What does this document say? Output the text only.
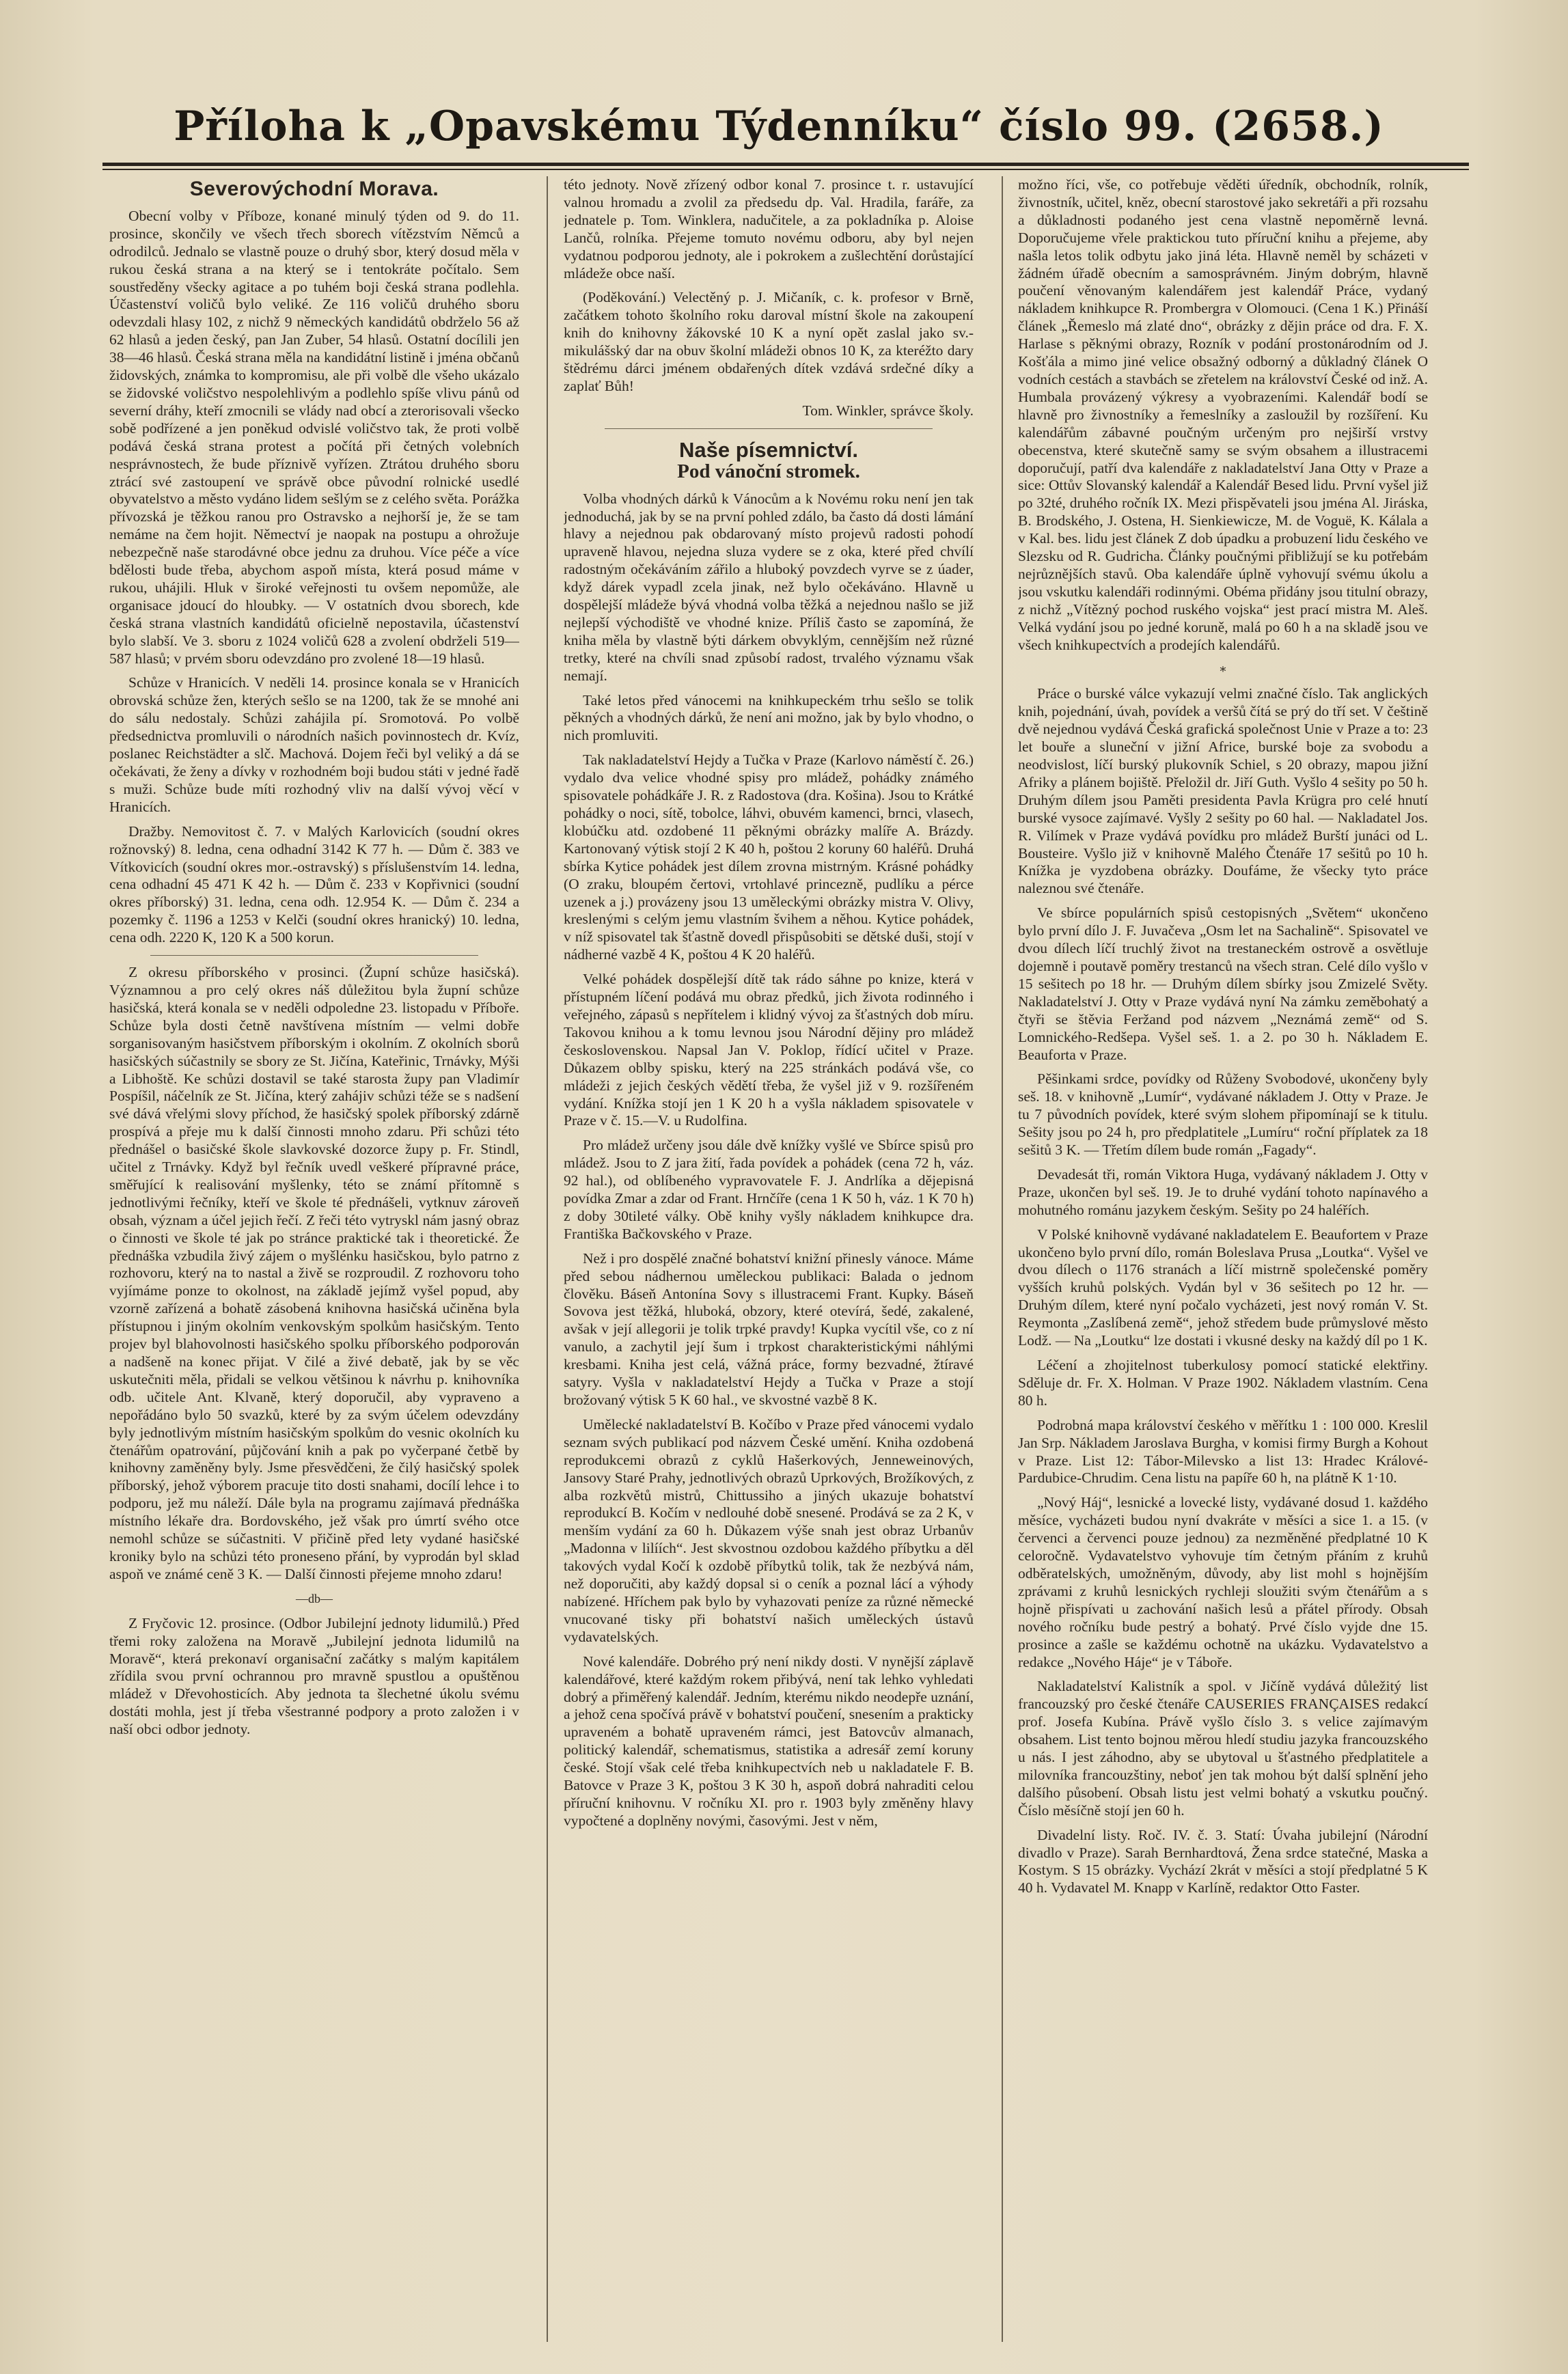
Příloha k „Opavskému Týdenníku“ číslo 99. (2658.)
Severovýchodní Morava.

Obecní volby v Příboze, konané minulý týden od 9. do 11. prosince, skončily ve všech třech sborech vítězstvím Němců a odrodilců. Jednalo se vlastně pouze o druhý sbor, který dosud měla v rukou česká strana a na který se i tentokráte počítalo. Sem soustředěny všecky agitace a po tuhém boji česká strana podlehla. Účastenství voličů bylo veliké. Ze 116 voličů druhého sboru odevzdali hlasy 102, z nichž 9 německých kandidátů obdrželo 56 až 62 hlasů a jeden český, pan Jan Zuber, 54 hlasů. Ostatní docílili jen 38—46 hlasů. Česká strana měla na kandidátní listině i jména občanů židovských, známka to kompromisu, ale při volbě dle všeho ukázalo se židovské voličstvo nespolehlivým a podlehlo spíše vlivu pánů od severní dráhy, kteří zmocnili se vlády nad obcí a zterorisovali všecko sobě podřízené a jen poněkud odvislé voličstvo tak, že proti volbě podává česká strana protest a počítá při četných volebních nesprávnostech, že bude příznivě vyřízen. Ztrátou druhého sboru ztrácí své zastoupení ve správě obce původní rolnické usedlé obyvatelstvo a město vydáno lidem sešlým se z celého světa. Porážka přívozská je těžkou ranou pro Ostravsko a nejhorší je, že se tam nemáme na čem hojit. Němectví je naopak na postupu a ohrožuje nebezpečně naše starodávné obce jednu za druhou. Více péče a více bdělosti bude třeba, abychom aspoň místa, která posud máme v rukou, uhájili. Hluk v široké veřejnosti tu ovšem nepomůže, ale organisace jdoucí do hloubky. — V ostatních dvou sborech, kde česká strana vlastních kandidátů oficielně nepostavila, účastenství bylo slabší. Ve 3. sboru z 1024 voličů 628 a zvolení obdrželi 519—587 hlasů; v prvém sboru odevzdáno pro zvolené 18—19 hlasů.

Schůze v Hranicích. V neděli 14. prosince konala se v Hranicích obrovská schůze žen, kterých sešlo se na 1200, tak že se mnohé ani do sálu nedostaly. Schůzi zahájila pí. Sromotová. Po volbě předsednictva promluvili o národních našich povinnostech dr. Kvíz, poslanec Reichstädter a slč. Machová. Dojem řeči byl veliký a dá se očekávati, že ženy a dívky v rozhodném boji budou státi v jedné řadě s muži. Schůze bude míti rozhodný vliv na další vývoj věcí v Hranicích.

Dražby. Nemovitost č. 7. v Malých Karlovicích (soudní okres rožnovský) 8. ledna, cena odhadní 3142 K 77 h. — Dům č. 383 ve Vítkovicích (soudní okres mor.-ostravský) s příslušenstvím 14. ledna, cena odhadní 45 471 K 42 h. — Dům č. 233 v Kopřivnici (soudní okres příborský) 31. ledna, cena odh. 12.954 K. — Dům č. 234 a pozemky č. 1196 a 1253 v Kelči (soudní okres hranický) 10. ledna, cena odh. 2220 K, 120 K a 500 korun.

Z okresu příborského v prosinci. (Župní schůze hasičská). Významnou a pro celý okres náš důležitou byla župní schůze hasičská, která konala se v neděli odpoledne 23. listopadu v Příboře. Schůze byla dosti četně navštívena místním — velmi dobře sorganisovaným hasičstvem příborským i okolním. Z okolních sborů hasičských súčastnily se sbory ze St. Jičína, Kateřinic, Trnávky, Mýši a Libhoště. Ke schůzi dostavil se také starosta župy pan Vladimír Pospíšil, náčelník ze St. Jičína, který zahájiv schůzi téže se s nadšení své dává vřelými slovy příchod, že hasičský spolek příborský zdárně prospívá a přeje mu k další činnosti mnoho zdaru. Při schůzi této přednášel o basičské škole slavkovské dozorce župy p. Fr. Stindl, učitel z Trnávky. Když byl řečník uvedl veškeré přípravné práce, směřující k realisování myšlenky, této se známí přítomně s jednotlivými řečníky, kteří ve škole té přednášeli, vytknuv zároveň obsah, význam a účel jejich řečí. Z řeči této vytryskl nám jasný obraz o činnosti ve škole té jak po stránce praktické tak i theoretické. Že přednáška vzbudila živý zájem o myšlénku hasičskou, bylo patrno z rozhovoru, který na to nastal a živě se rozproudil. Z rozhovoru toho vyjímáme ponze to okolnost, na základě jejímž vyšel popud, aby vzorně zařízená a bohatě zásobená knihovna hasičská učiněna byla přístupnou i jiným okolním venkovským spolkům hasičským. Tento projev byl blahovolnosti hasičského spolku příborského podporován a nadšeně na konec přijat. V čilé a živé debatě, jak by se věc uskutečniti měla, přidali se velkou většinou k návrhu p. knihovníka odb. učitele Ant. Klvaně, který doporučil, aby vypraveno a nepořádáno bylo 50 svazků, které by za svým účelem odevzdány byly jednotlivým místním hasičským spolkům do vesnic okolních ku čtenářům opatrování, půjčování knih a pak po vyčerpané četbě by knihovny zaměněny byly. Jsme přesvědčeni, že čilý hasičský spolek příborský, jehož výborem pracuje tito dosti snahami, docílí lehce i to podporu, jež mu náleží. Dále byla na programu zajímavá přednáška místního lékaře dra. Bordovského, jež však pro úmrtí svého otce nemohl schůze se súčastniti. V přičině před lety vydané hasičské kroniky bylo na schůzi této proneseno přání, by vyprodán byl sklad aspoň ve známé ceně 3 K. — Další činnosti přejeme mnoho zdaru!

—db—

Z Fryčovic 12. prosince. (Odbor Jubilejní jednoty lidumilů.) Před třemi roky založena na Moravě „Jubilejní jednota lidumilů na Moravě“, která prekonaví organisační začátky s malým kapitálem zřídila svou první ochrannou pro mravně spustlou a opuštěnou mládež v Dřevohosticích. Aby jednota ta šlechetné úkolu svému dostáti mohla, jest jí třeba všestranné podpory a proto založen i v naší obci odbor jednoty.

této jednoty. Nově zřízený odbor konal 7. prosince t. r. ustavující valnou hromadu a zvolil za předsedu dp. Val. Hradila, faráře, za jednatele p. Tom. Winklera, nadučitele, a za pokladníka p. Aloise Lančů, rolníka. Přejeme tomuto novému odboru, aby byl nejen vydatnou podporou jednoty, ale i pokrokem a zušlechtění dorůstající mládeže obce naší.

(Poděkování.) Velectěný p. J. Mičaník, c. k. profesor v Brně, začátkem tohoto školního roku daroval místní škole na zakoupení knih do knihovny žákovské 10 K a nyní opět zaslal jako sv.-mikulášský dar na obuv školní mládeži obnos 10 K, za kteréžto dary štědrému dárci jménem obdařených dítek vzdává srdečné díky a zaplať Bůh!

Tom. Winkler, správce školy.

Naše písemnictví.
Pod vánoční stromek.

Volba vhodných dárků k Vánocům a k Novému roku není jen tak jednoduchá, jak by se na první pohled zdálo, ba často dá dosti lámání hlavy a nejednou pak obdarovaný místo projevů radosti pohodí upraveně hlavou, nejedna sluza vydere se z oka, které před chvílí radostným očekáváním zářilo a hluboký povzdech vyrve se z úader, když dárek vypadl zcela jinak, než bylo očekáváno. Hlavně u dospělejší mládeže bývá vhodná volba těžká a nejednou našlo se již nejlepší východiště ve vhodné knize. Příliš často se zapomíná, že kniha měla by vlastně býti dárkem obvyklým, cennějším než různé tretky, které na chvíli snad způsobí radost, trvalého významu však nemají.

Také letos před vánocemi na knihkupeckém trhu sešlo se tolik pěkných a vhodných dárků, že není ani možno, jak by bylo vhodno, o nich promluviti.

Tak nakladatelství Hejdy a Tučka v Praze (Karlovo náměstí č. 26.) vydalo dva velice vhodné spisy pro mládež, pohádky známého spisovatele pohádkáře J. R. z Radostova (dra. Košina). Jsou to Krátké pohádky o noci, sítě, tobolce, láhvi, obuvém kamenci, brnci, vlasech, klobúčku atd. ozdobené 11 pěknými obrázky malíře A. Brázdy. Kartonovaný výtisk stojí 2 K 40 h, poštou 2 koruny 60 haléřů. Druhá sbírka Kytice pohádek jest dílem zrovna mistrným. Krásné pohádky (O zraku, bloupém čertovi, vrtohlavé princezně, pudlíku a pérce uzenek a j.) provázeny jsou 13 uměleckými obrázky mistra V. Olivy, kreslenými s celým jemu vlastním švihem a něhou. Kytice pohádek, v níž spisovatel tak šťastně dovedl přispůsobiti se dětské duši, stojí v nádherné vazbě 4 K, poštou 4 K 20 haléřů.

Velké pohádek dospělejší dítě tak rádo sáhne po knize, která v přístupném líčení podává mu obraz předků, jich života rodinného i veřejného, zápasů s nepřítelem i klidný vývoj za šťastných dob míru. Takovou knihou a k tomu levnou jsou Národní dějiny pro mládež československou. Napsal Jan V. Poklop, řídící učitel v Praze. Důkazem oblby spisku, který na 225 stránkách podává vše, co mládeži z jejich českých vědětí třeba, že vyšel již v 9. rozšířeném vydání. Knížka stojí jen 1 K 20 h a vyšla nákladem spisovatele v Praze v č. 15.—V. u Rudolfina.

Pro mládež určeny jsou dále dvě knížky vyšlé ve Sbírce spisů pro mládež. Jsou to Z jara žití, řada povídek a pohádek (cena 72 h, váz. 92 hal.), od oblíbeného vypravovatele F. J. Andrlíka a dějepisná povídka Zmar a zdar od Frant. Hrnčíře (cena 1 K 50 h, váz. 1 K 70 h) z doby 30tileté války. Obě knihy vyšly nákladem knihkupce dra. Františka Bačkovského v Praze.

Než i pro dospělé značné bohatství knižní přinesly vánoce. Máme před sebou nádhernou uměleckou publikaci: Balada o jednom člověku. Báseň Antonína Sovy s illustracemi Frant. Kupky. Báseň Sovova jest těžká, hluboká, obzory, které otevírá, šedé, zakalené, avšak v její allegorii je tolik trpké pravdy! Kupka vycítil vše, co z ní vanulo, a zachytil její šum i trpkost charakteristickými náhlými kresbami. Kniha jest celá, vážná práce, formy bezvadné, žtíravé satyry. Vyšla v nakladatelství Hejdy a Tučka v Praze a stojí brožovaný výtisk 5 K 60 hal., ve skvostné vazbě 8 K.

Umělecké nakladatelství B. Kočíbo v Praze před vánocemi vydalo seznam svých publikací pod názvem České umění. Kniha ozdobená reprodukcemi obrazů z cyklů Hašerkových, Jenneweinových, Jansovy Staré Prahy, jednotlivých obrazů Uprkových, Brožíkových, z alba rozkvětů mistrů, Chittussiho a jiných ukazuje bohatství reprodukcí B. Kočím v nedlouhé době snesené. Prodává se za 2 K, v menším vydání za 60 h. Důkazem výše snah jest obraz Urbanův „Madonna v lilíích“. Jest skvostnou ozdobou každého příbytku a děl takových vydal Kočí k ozdobě příbytků tolik, tak že nezbývá nám, než doporučiti, aby každý dopsal si o ceník a poznal lácí a výhody nabízené. Hříchem pak bylo by vyhazovati peníze za různé německé vnucované tisky při bohatství našich uměleckých ústavů vydavatelských.

Nové kalendáře. Dobrého prý není nikdy dosti. V nynější záplavě kalendářové, které každým rokem přibývá, není tak lehko vyhledati dobrý a přiměřený kalendář. Jedním, kterému nikdo neodepře uznání, a jehož cena spočívá právě v bohatství poučení, snesením a prakticky upraveném a bohatě upraveném rámci, jest Batovcův almanach, politický kalendář, schematismus, statistika a adresář zemí koruny české. Stojí však celé třeba knihkupectvích neb u nakladatele F. B. Batovce v Praze 3 K, poštou 3 K 30 h, aspoň dobrá nahraditi celou příruční knihovnu. V ročníku XI. pro r. 1903 byly změněny hlavy vypočtené a doplněny novými, časovými. Jest v něm,

možno říci, vše, co potřebuje věděti úředník, obchodník, rolník, živnostník, učitel, kněz, obecní starostové jako sekretáři a při rozsahu a důkladnosti podaného jest cena vlastně nepoměrně levná. Doporučujeme vřele praktickou tuto příruční knihu a přejeme, aby našla letos tolik odbytu jako jiná léta. Hlavně neměl by scházeti v žádném úřadě obecním a samosprávném. Jiným dobrým, hlavně poučení věnovaným kalendářem jest kalendář Práce, vydaný nákladem knihkupce R. Prombergra v Olomouci. (Cena 1 K.) Přináší článek „Řemeslo má zlaté dno“, obrázky z dějin práce od dra. F. X. Harlase s pěknými obrazy, Rozník v podání prostonárodním od J. Košťála a mimo jiné velice obsažný odborný a důkladný článek O vodních cestách a stavbách se zřetelem na království České od inž. A. Humbala provázený výkresy a vyobrazeními. Kalendář bodí se hlavně pro živnostníky a řemeslníky a zasloužil by rozšíření. Ku kalendářům zábavné poučným určeným pro nejširší vrstvy obecenstva, které skutečně samy se svým obsahem a illustracemi doporučují, patří dva kalendáře z nakladatelství Jana Otty v Praze a sice: Ottův Slovanský kalendář a Kalendář Besed lidu. První vyšel již po 32té, druhého ročník IX. Mezi přispěvateli jsou jména Al. Jiráska, B. Brodského, J. Ostena, H. Sienkiewicze, M. de Voguë, K. Kálala a v Kal. bes. lidu jest článek Z dob úpadku a probuzení lidu českého ve Slezsku od R. Gudricha. Články poučnými přibližují se ku potřebám nejrůznějších stavů. Oba kalendáře úplně vyhovují svému úkolu a jsou vskutku kalendáři rodinnými. Obéma přidány jsou titulní obrazy, z nichž „Vítězný pochod ruského vojska“ jest prací mistra M. Aleš. Velká vydání jsou po jedné koruně, malá po 60 h a na skladě jsou ve všech knihkupectvích a prodejích kalendářů.

∗

Práce o burské válce vykazují velmi značné číslo. Tak anglických knih, pojednání, úvah, povídek a veršů čítá se prý do tří set. V češtině dvě nejednou vydává Česká grafická společnost Unie v Praze a to: 23 let bouře a sluneční v jižní Africe, burské boje za svobodu a neodvislost, líčí burský plukovník Schiel, s 20 obrazy, mapou jižní Afriky a plánem bojiště. Přeložil dr. Jiří Guth. Vyšlo 4 sešity po 50 h. Druhým dílem jsou Paměti presidenta Pavla Krügra pro celé hnutí burské vysoce zajímavé. Vyšly 2 sešity po 60 hal. — Nakladatel Jos. R. Vilímek v Praze vydává povídku pro mládež Burští junáci od L. Bousteire. Vyšlo již v knihovně Malého Čtenáře 17 sešitů po 10 h. Knížka je vyzdobena obrázky. Doufáme, že všecky tyto práce naleznou své čtenáře.

Ve sbírce populárních spisů cestopisných „Světem“ ukončeno bylo první dílo J. F. Juvačeva „Osm let na Sachalině“. Spisovatel ve dvou dílech líčí truchlý život na trestaneckém ostrově a osvětluje dojemně i poutavě poměry trestanců na všech stran. Celé dílo vyšlo v 15 sešitech po 18 hr. — Druhým dílem sbírky jsou Zmizelé Světy. Nakladatelství J. Otty v Praze vydává nyní Na zámku zeměbohatý a čtyři se štěvia Feržand pod názvem „Neznámá země“ od S. Lomnického-Redšepa. Vyšel seš. 1. a 2. po 30 h. Nákladem E. Beauforta v Praze.

Pěšinkami srdce, povídky od Růženy Svobodové, ukončeny byly seš. 18. v knihovně „Lumír“, vydávané nákladem J. Otty v Praze. Je tu 7 původních povídek, které svým slohem připomínají se k titulu. Sešity jsou po 24 h, pro předplatitele „Lumíru“ roční příplatek za 18 sešitů 3 K. — Třetím dílem bude román „Fagady“.

Devadesát tři, román Viktora Huga, vydávaný nákladem J. Otty v Praze, ukončen byl seš. 19. Je to druhé vydání tohoto napínavého a mohutného románu jazykem českým. Sešity po 24 haléřích.

V Polské knihovně vydávané nakladatelem E. Beaufortem v Praze ukončeno bylo první dílo, román Boleslava Prusa „Loutka“. Vyšel ve dvou dílech o 1176 stranách a líčí mistrně společenské poměry vyšších kruhů polských. Vydán byl v 36 sešitech po 12 hr. — Druhým dílem, které nyní počalo vycházeti, jest nový román V. St. Reymonta „Zaslíbená země“, jehož středem bude průmyslové město Lodž. — Na „Loutku“ lze dostati i vkusné desky na každý díl po 1 K.

Léčení a zhojitelnost tuberkulosy pomocí statické elektřiny. Sděluje dr. Fr. X. Holman. V Praze 1902. Nákladem vlastním. Cena 80 h.

Podrobná mapa království českého v měřítku 1 : 100 000. Kreslil Jan Srp. Nákladem Jaroslava Burgha, v komisi firmy Burgh a Kohout v Praze. List 12: Tábor-Milevsko a list 13: Hradec Králové-Pardubice-Chrudim. Cena listu na papíře 60 h, na plátně K 1·10.

„Nový Háj“, lesnické a lovecké listy, vydávané dosud 1. každého měsíce, vycházeti budou nyní dvakráte v měsíci a sice 1. a 15. (v červenci a červenci pouze jednou) za nezměněné předplatné 10 K celoročně. Vydavatelstvo vyhovuje tím četným přáním z kruhů odběratelských, umožněným, důvody, aby list mohl s hojnějším zprávami z kruhů lesnických rychleji sloužiti svým čtenářům a s hojně přispívati u zachování našich lesů a přátel přírody. Obsah nového ročníku bude pestrý a bohatý. Prvé číslo vyjde dne 15. prosince a zašle se každému ochotně na ukázku. Vydavatelstvo a redakce „Nového Háje“ je v Táboře.

Nakladatelství Kalistník a spol. v Jičíně vydává důležitý list francouzský pro české čtenáře CAUSERIES FRANÇAISES redakcí prof. Josefa Kubína. Právě vyšlo číslo 3. s velice zajímavým obsahem. List tento bojnou měrou hledí studiu jazyka francouzského u nás. I jest záhodno, aby se ubytoval u šťastného předplatitele a milovníka francouzštiny, neboť jen tak mohou být další splnění jeho dalšího působení. Obsah listu jest velmi bohatý a vskutku poučný. Číslo měsíčně stojí jen 60 h.

Divadelní listy. Roč. IV. č. 3. Statí: Úvaha jubilejní (Národní divadlo v Praze). Sarah Bernhardtová, Žena srdce statečné, Maska a Kostym. S 15 obrázky. Vychází 2krát v měsíci a stojí předplatné 5 K 40 h. Vydavatel M. Knapp v Karlíně, redaktor Otto Faster.
